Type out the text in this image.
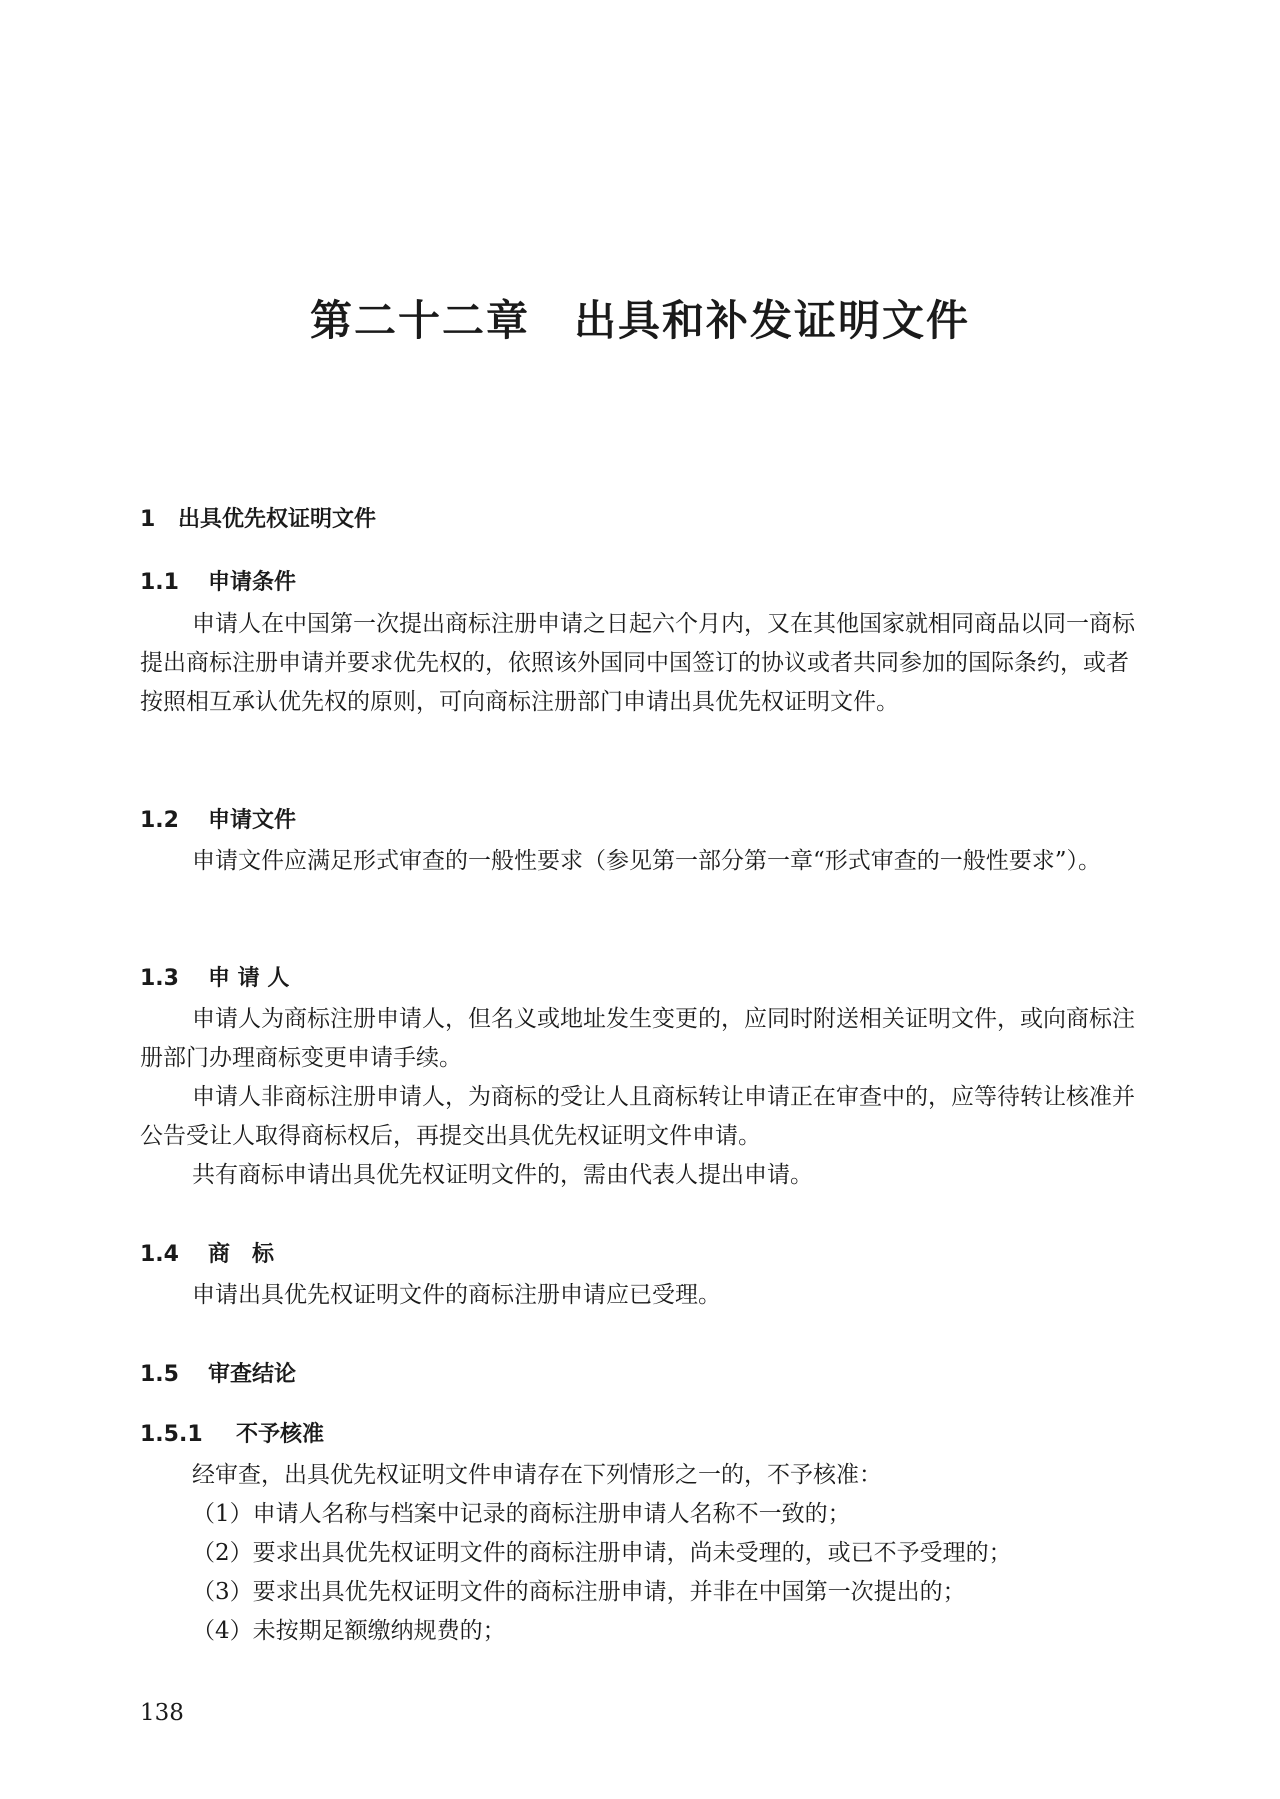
第二十二章 出具和补发证明文件
1 出具优先权证明文件
1.1 申请条件
申请人在中国第一次提出商标注册申请之日起六个月内，又在其他国家就相同商品以同一商标提出商标注册申请并要求优先权的，依照该外国同中国签订的协议或者共同参加的国际条约，或者按照相互承认优先权的原则，可向商标注册部门申请出具优先权证明文件。
1.2 申请文件
申请文件应满足形式审查的一般性要求（参见第一部分第一章“形式审查的一般性要求”）。
1.3 申 请 人
申请人为商标注册申请人，但名义或地址发生变更的，应同时附送相关证明文件，或向商标注册部门办理商标变更申请手续。
申请人非商标注册申请人，为商标的受让人且商标转让申请正在审查中的，应等待转让核准并公告受让人取得商标权后，再提交出具优先权证明文件申请。
共有商标申请出具优先权证明文件的，需由代表人提出申请。
1.4 商　标
申请出具优先权证明文件的商标注册申请应已受理。
1.5 审查结论
1.5.1 不予核准
经审查，出具优先权证明文件申请存在下列情形之一的，不予核准：
（1）申请人名称与档案中记录的商标注册申请人名称不一致的；
（2）要求出具优先权证明文件的商标注册申请，尚未受理的，或已不予受理的；
（3）要求出具优先权证明文件的商标注册申请，并非在中国第一次提出的；
（4）未按期足额缴纳规费的；
138
